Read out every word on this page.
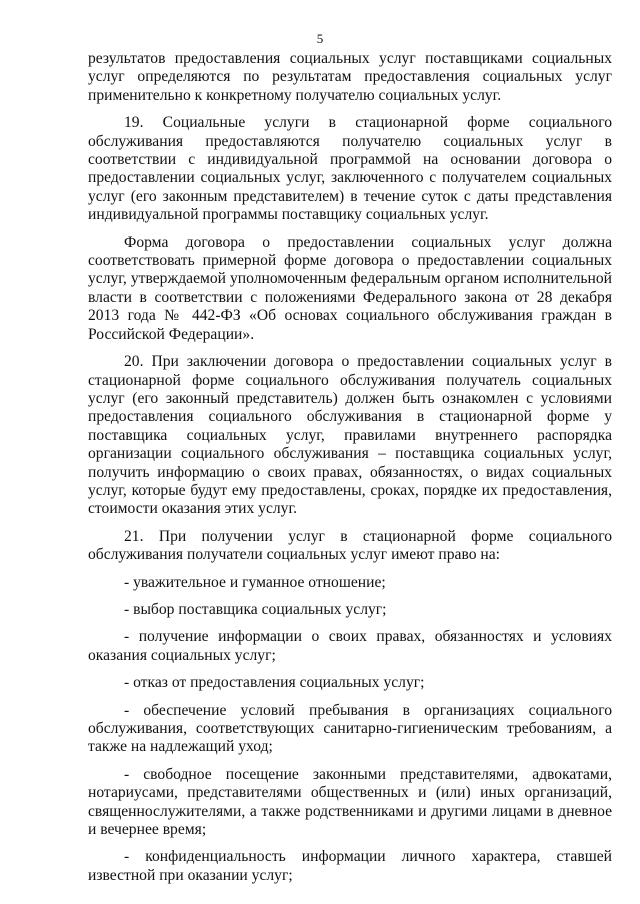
5

результатов предоставления социальных услуг поставщиками социальных услуг определяются по результатам предоставления социальных услуг применительно к конкретному получателю социальных услуг.

19. Социальные услуги в стационарной форме социального обслуживания предоставляются получателю социальных услуг в соответствии с индивидуальной программой на основании договора о предоставлении социальных услуг, заключенного с получателем социальных услуг (его законным представителем) в течение суток с даты представления индивидуальной программы поставщику социальных услуг.

Форма договора о предоставлении социальных услуг должна соответствовать примерной форме договора о предоставлении социальных услуг, утверждаемой уполномоченным федеральным органом исполнительной власти в соответствии с положениями Федерального закона от 28 декабря 2013 года № 442-ФЗ «Об основах социального обслуживания граждан в Российской Федерации».

20. При заключении договора о предоставлении социальных услуг в стационарной форме социального обслуживания получатель социальных услуг (его законный представитель) должен быть ознакомлен с условиями предоставления социального обслуживания в стационарной форме у поставщика социальных услуг, правилами внутреннего распорядка организации социального обслуживания – поставщика социальных услуг, получить информацию о своих правах, обязанностях, о видах социальных услуг, которые будут ему предоставлены, сроках, порядке их предоставления, стоимости оказания этих услуг.

21. При получении услуг в стационарной форме социального обслуживания получатели социальных услуг имеют право на:

- уважительное и гуманное отношение;

- выбор поставщика социальных услуг;

- получение информации о своих правах, обязанностях и условиях оказания социальных услуг;

- отказ от предоставления социальных услуг;

- обеспечение условий пребывания в организациях социального обслуживания, соответствующих санитарно-гигиеническим требованиям, а также на надлежащий уход;

- свободное посещение законными представителями, адвокатами, нотариусами, представителями общественных и (или) иных организаций, священнослужителями, а также родственниками и другими лицами в дневное и вечернее время;

- конфиденциальность информации личного характера, ставшей известной при оказании услуг;
